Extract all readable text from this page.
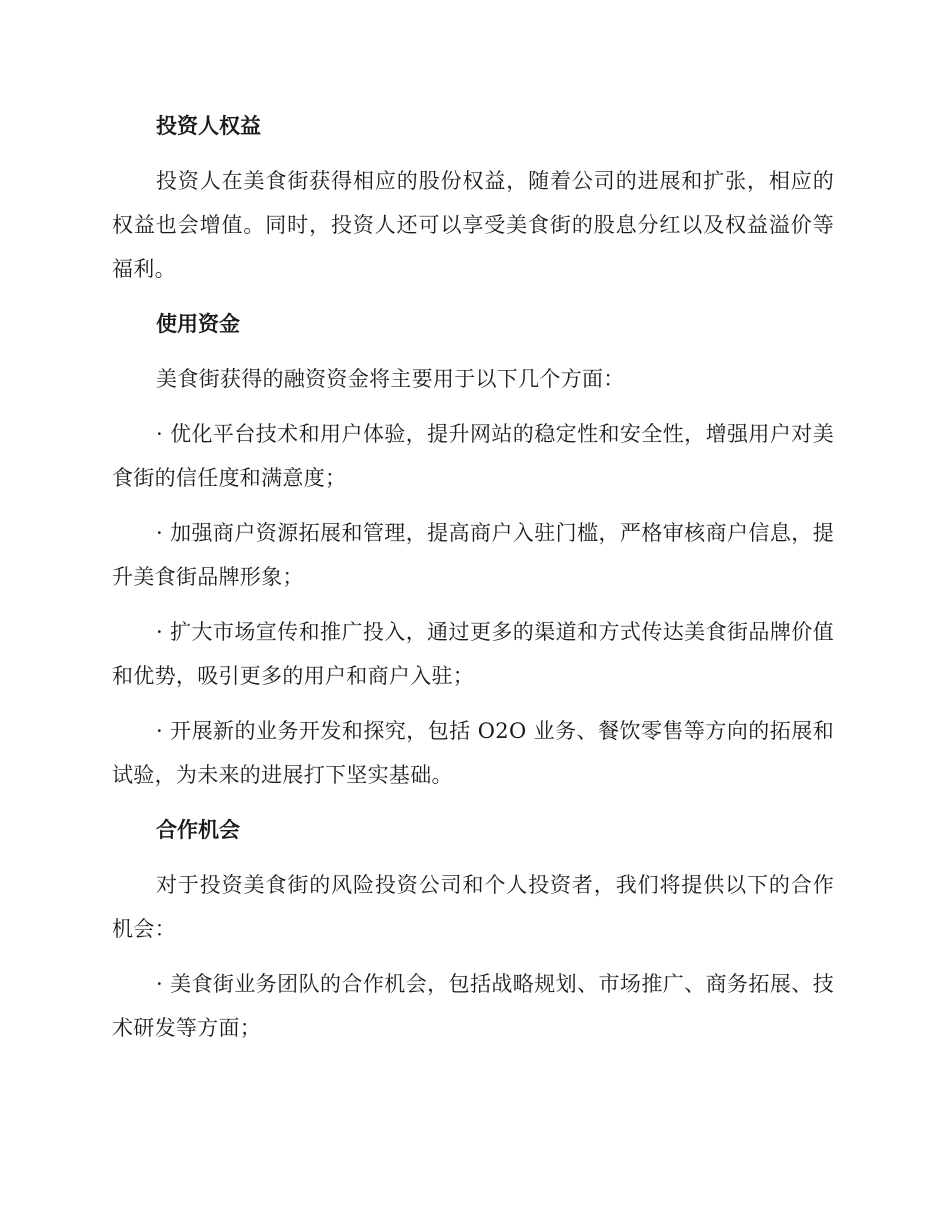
投资人权益

投资人在美食街获得相应的股份权益，随着公司的进展和扩张，相应的权益也会增值。同时，投资人还可以享受美食街的股息分红以及权益溢价等福利。

使用资金

美食街获得的融资资金将主要用于以下几个方面：

· 优化平台技术和用户体验，提升网站的稳定性和安全性，增强用户对美食街的信任度和满意度；

· 加强商户资源拓展和管理，提高商户入驻门槛，严格审核商户信息，提升美食街品牌形象；

· 扩大市场宣传和推广投入，通过更多的渠道和方式传达美食街品牌价值和优势，吸引更多的用户和商户入驻；

· 开展新的业务开发和探究，包括 O2O 业务、餐饮零售等方向的拓展和试验，为未来的进展打下坚实基础。

合作机会

对于投资美食街的风险投资公司和个人投资者，我们将提供以下的合作机会：

· 美食街业务团队的合作机会，包括战略规划、市场推广、商务拓展、技术研发等方面；
